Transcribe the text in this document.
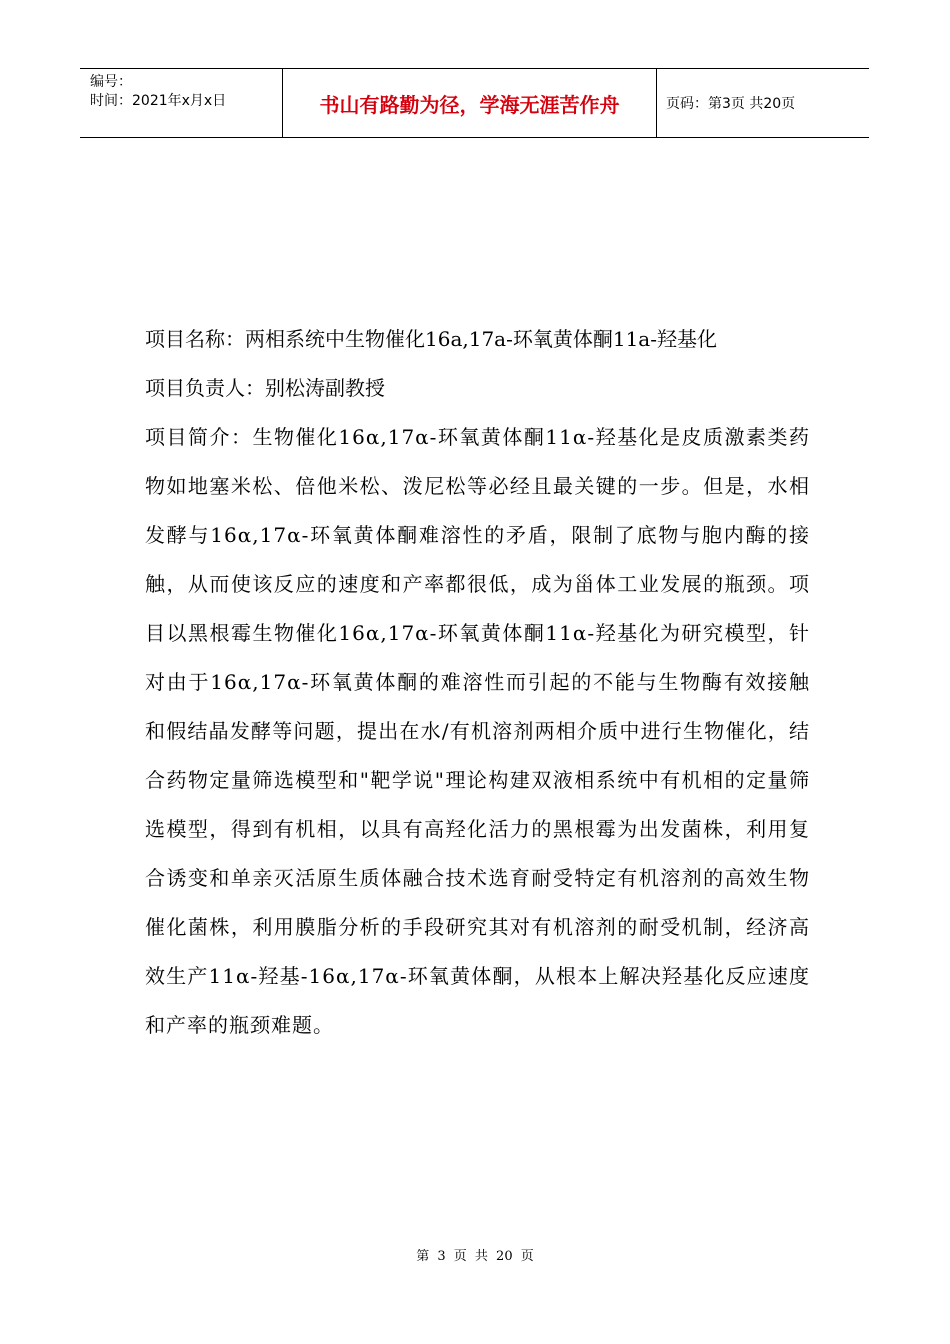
编号：
时间：2021年x月x日	书山有路勤为径，学海无涯苦作舟	页码：第3页 共20页
项目名称：两相系统中生物催化16a,17a-环氧黄体酮11a-羟基化
项目负责人：别松涛副教授
项目简介：生物催化16α,17α-环氧黄体酮11α-羟基化是皮质激素类药物如地塞米松、倍他米松、泼尼松等必经且最关键的一步。但是，水相发酵与16α,17α-环氧黄体酮难溶性的矛盾，限制了底物与胞内酶的接触，从而使该反应的速度和产率都很低，成为甾体工业发展的瓶颈。项目以黑根霉生物催化16α,17α-环氧黄体酮11α-羟基化为研究模型，针对由于16α,17α-环氧黄体酮的难溶性而引起的不能与生物酶有效接触和假结晶发酵等问题，提出在水/有机溶剂两相介质中进行生物催化，结合药物定量筛选模型和"靶学说"理论构建双液相系统中有机相的定量筛选模型，得到有机相，以具有高羟化活力的黑根霉为出发菌株，利用复合诱变和单亲灭活原生质体融合技术选育耐受特定有机溶剂的高效生物催化菌株，利用膜脂分析的手段研究其对有机溶剂的耐受机制，经济高效生产11α-羟基-16α,17α-环氧黄体酮，从根本上解决羟基化反应速度和产率的瓶颈难题。
第 3 页 共 20 页
